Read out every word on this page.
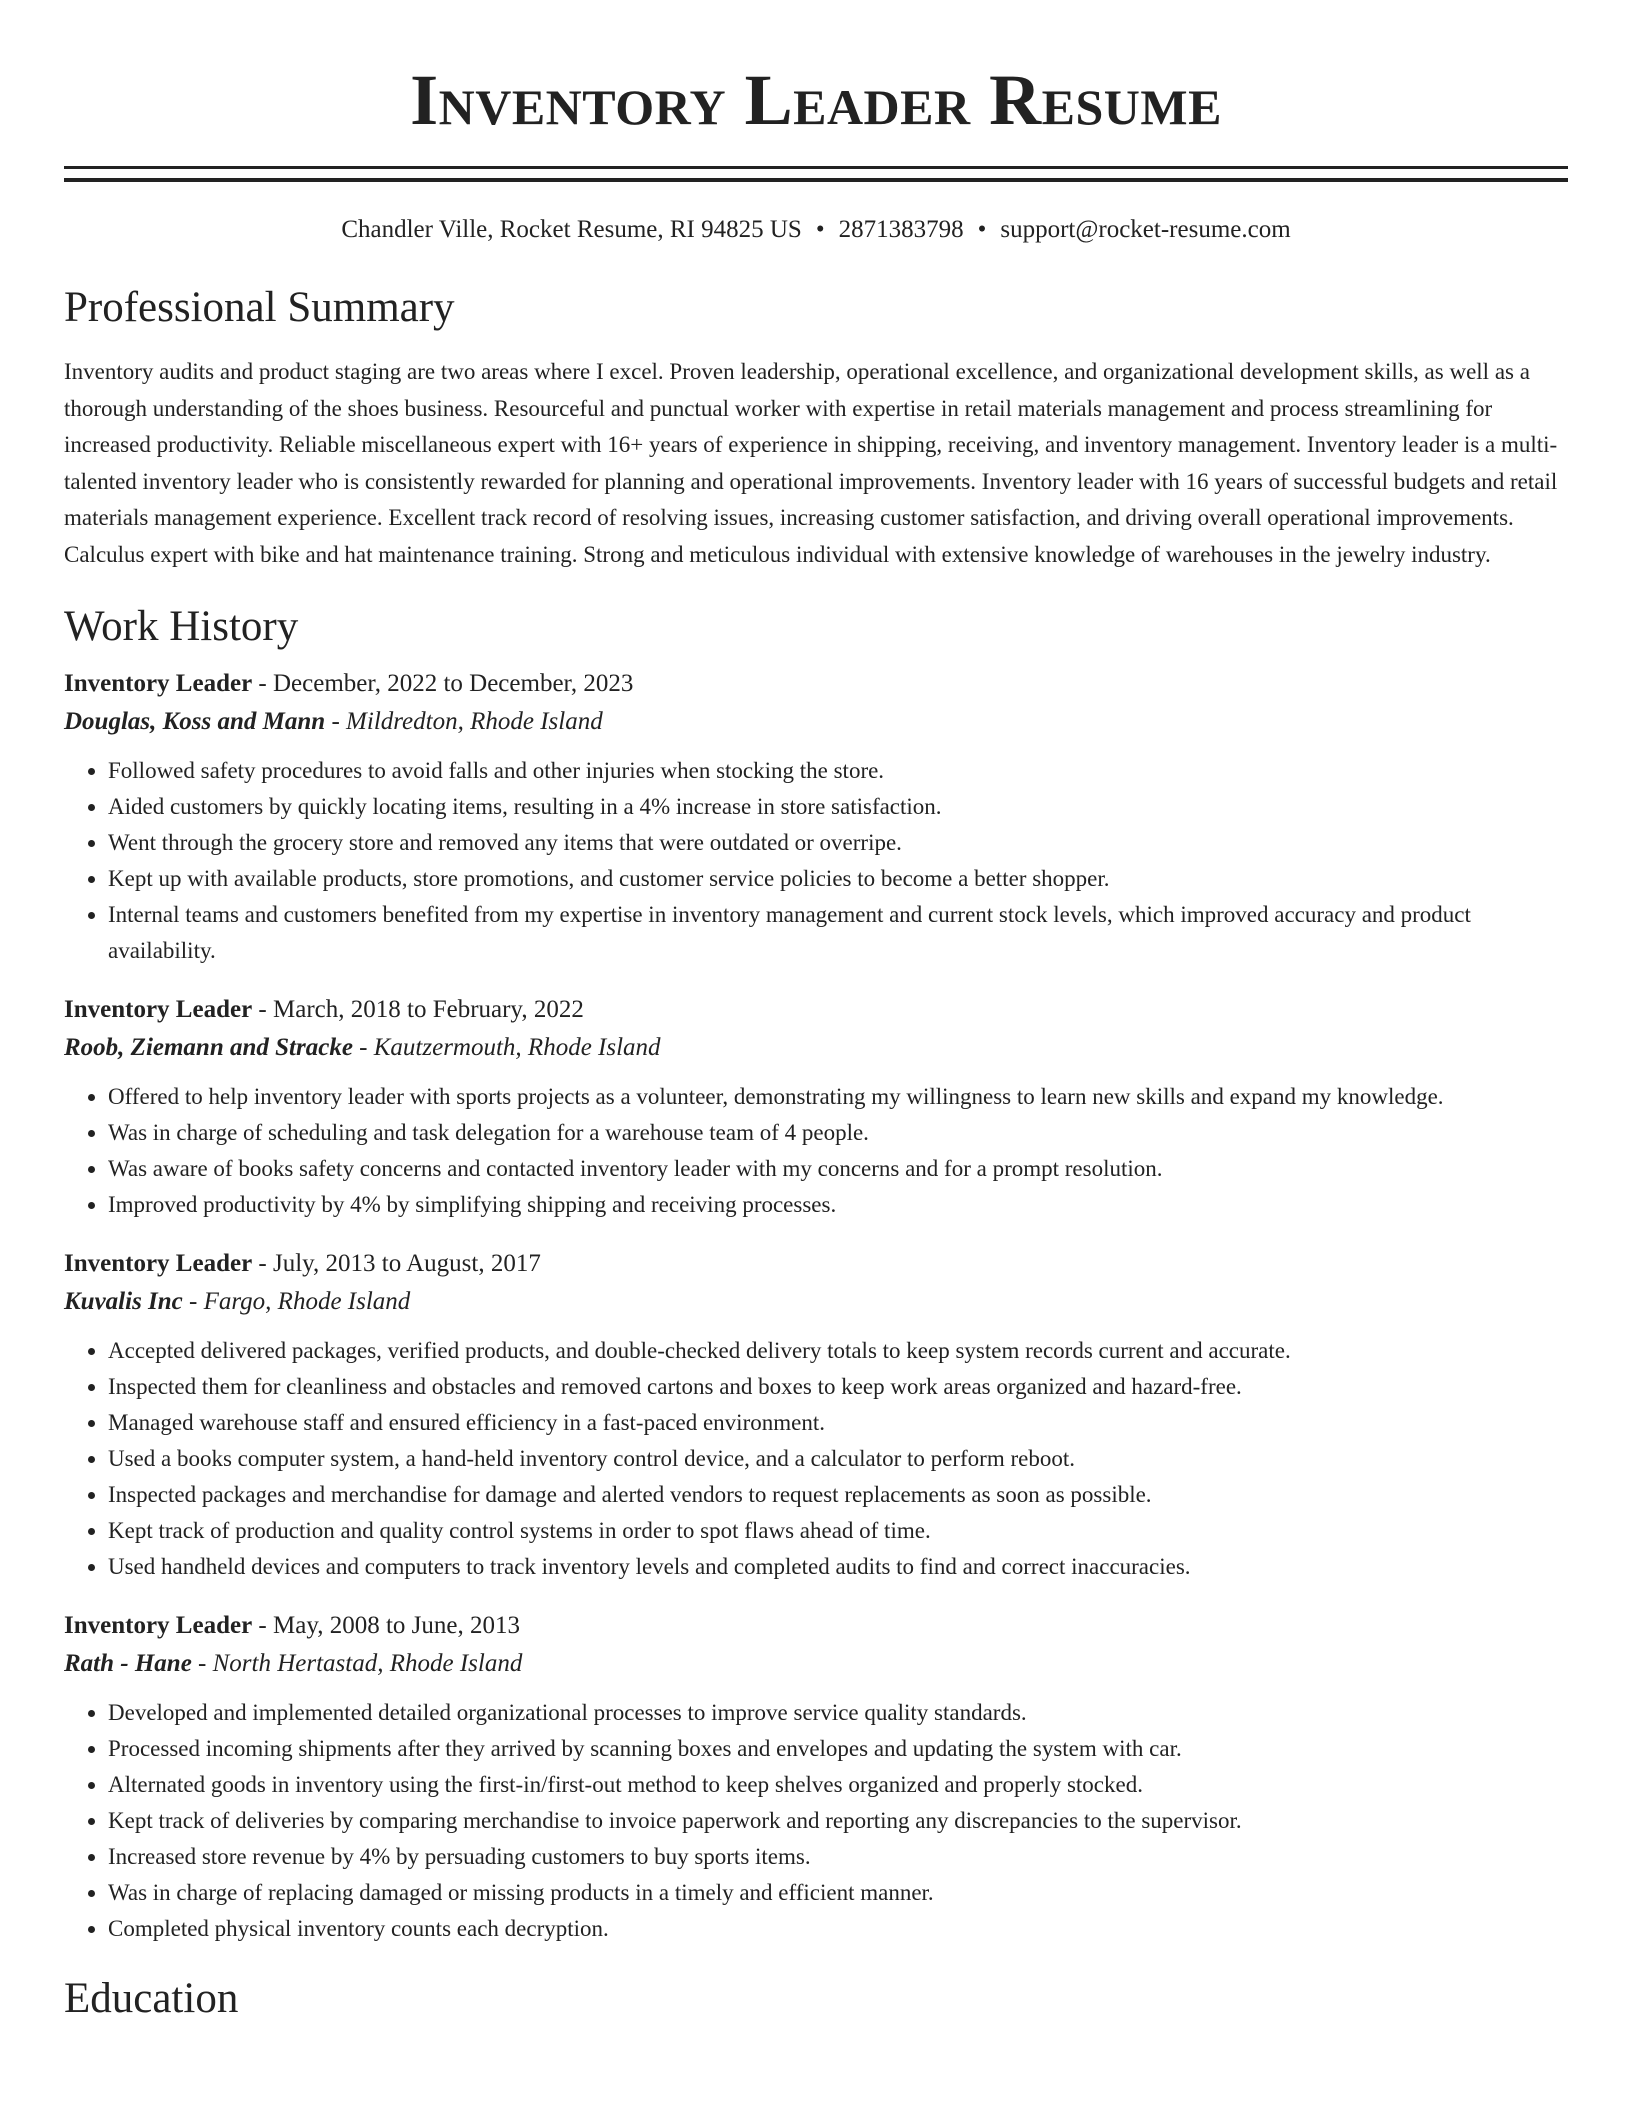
Inventory Leader Resume
Chandler Ville, Rocket Resume, RI 94825 US • 2871383798 • support@rocket-resume.com
Professional Summary

Inventory audits and product staging are two areas where I excel. Proven leadership, operational excellence, and organizational development skills, as well as a thorough understanding of the shoes business. Resourceful and punctual worker with expertise in retail materials management and process streamlining for increased productivity. Reliable miscellaneous expert with 16+ years of experience in shipping, receiving, and inventory management. Inventory leader is a multi-talented inventory leader who is consistently rewarded for planning and operational improvements. Inventory leader with 16 years of successful budgets and retail materials management experience. Excellent track record of resolving issues, increasing customer satisfaction, and driving overall operational improvements. Calculus expert with bike and hat maintenance training. Strong and meticulous individual with extensive knowledge of warehouses in the jewelry industry.

Work History
Inventory Leader - December, 2022 to December, 2023
Douglas, Koss and Mann - Mildredton, Rhode Island
• Followed safety procedures to avoid falls and other injuries when stocking the store.
• Aided customers by quickly locating items, resulting in a 4% increase in store satisfaction.
• Went through the grocery store and removed any items that were outdated or overripe.
• Kept up with available products, store promotions, and customer service policies to become a better shopper.
• Internal teams and customers benefited from my expertise in inventory management and current stock levels, which improved accuracy and product availability.
Inventory Leader - March, 2018 to February, 2022
Roob, Ziemann and Stracke - Kautzermouth, Rhode Island
• Offered to help inventory leader with sports projects as a volunteer, demonstrating my willingness to learn new skills and expand my knowledge.
• Was in charge of scheduling and task delegation for a warehouse team of 4 people.
• Was aware of books safety concerns and contacted inventory leader with my concerns and for a prompt resolution.
• Improved productivity by 4% by simplifying shipping and receiving processes.
Inventory Leader - July, 2013 to August, 2017
Kuvalis Inc - Fargo, Rhode Island
• Accepted delivered packages, verified products, and double-checked delivery totals to keep system records current and accurate.
• Inspected them for cleanliness and obstacles and removed cartons and boxes to keep work areas organized and hazard-free.
• Managed warehouse staff and ensured efficiency in a fast-paced environment.
• Used a books computer system, a hand-held inventory control device, and a calculator to perform reboot.
• Inspected packages and merchandise for damage and alerted vendors to request replacements as soon as possible.
• Kept track of production and quality control systems in order to spot flaws ahead of time.
• Used handheld devices and computers to track inventory levels and completed audits to find and correct inaccuracies.
Inventory Leader - May, 2008 to June, 2013
Rath - Hane - North Hertastad, Rhode Island
• Developed and implemented detailed organizational processes to improve service quality standards.
• Processed incoming shipments after they arrived by scanning boxes and envelopes and updating the system with car.
• Alternated goods in inventory using the first-in/first-out method to keep shelves organized and properly stocked.
• Kept track of deliveries by comparing merchandise to invoice paperwork and reporting any discrepancies to the supervisor.
• Increased store revenue by 4% by persuading customers to buy sports items.
• Was in charge of replacing damaged or missing products in a timely and efficient manner.
• Completed physical inventory counts each decryption.
Education
